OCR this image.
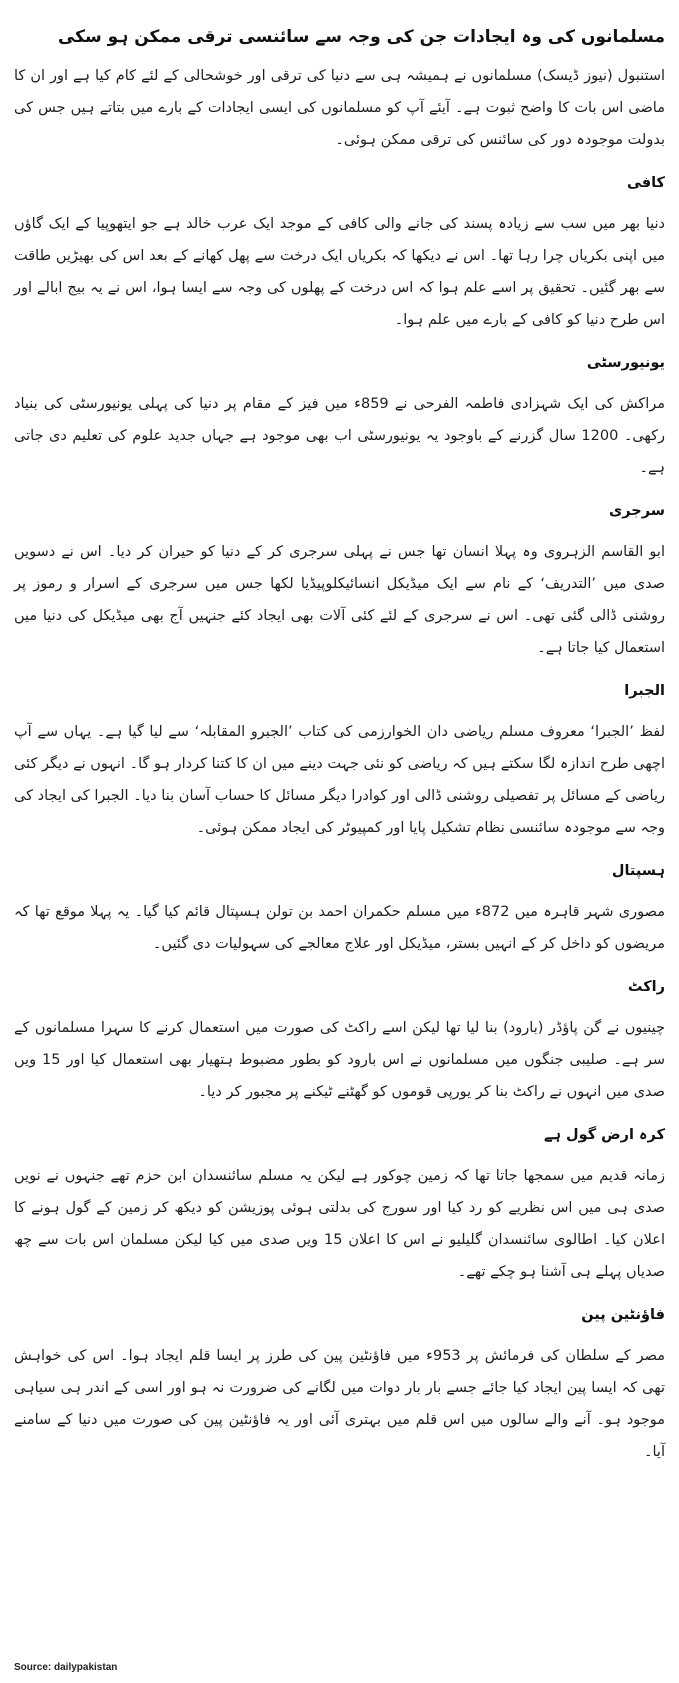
مسلمانوں کی وہ ایجادات جن کی وجہ سے سائنسی ترقی ممکن ہو سکی

استنبول (نیوز ڈیسک) مسلمانوں نے ہمیشہ ہی سے دنیا کی ترقی اور خوشحالی کے لئے کام کیا ہے اور ان کا ماضی اس بات کا واضح ثبوت ہے۔ آیئے آپ کو مسلمانوں کی ایسی ایجادات کے بارے میں بتاتے ہیں جس کی بدولت موجودہ دور کی سائنس کی ترقی ممکن ہوئی۔

کافی

دنیا بھر میں سب سے زیادہ پسند کی جانے والی کافی کے موجد ایک عرب خالد ہے جو ایتھوپیا کے ایک گاؤں میں اپنی بکریاں چرا رہا تھا۔ اس نے دیکھا کہ بکریاں ایک درخت سے پھل کھانے کے بعد اس کی بھیڑیں طاقت سے بھر گئیں۔ تحقیق پر اسے علم ہوا کہ اس درخت کے پھلوں کی وجہ سے ایسا ہوا، اس نے یہ بیج ابالے اور اس طرح دنیا کو کافی کے بارے میں علم ہوا۔

یونیورسٹی

مراکش کی ایک شہزادی فاطمہ الفرحی نے 859ء میں فیز کے مقام پر دنیا کی پہلی یونیورسٹی کی بنیاد رکھی۔ 1200 سال گزرنے کے باوجود یہ یونیورسٹی اب بھی موجود ہے جہاں جدید علوم کی تعلیم دی جاتی ہے۔

سرجری

ابو القاسم الزہروی وہ پہلا انسان تھا جس نے پہلی سرجری کر کے دنیا کو حیران کر دیا۔ اس نے دسویں صدی میں ’التدریف‘ کے نام سے ایک میڈیکل انسائیکلوپیڈیا لکھا جس میں سرجری کے اسرار و رموز پر روشنی ڈالی گئی تھی۔ اس نے سرجری کے لئے کئی آلات بھی ایجاد کئے جنہیں آج بھی میڈیکل کی دنیا میں استعمال کیا جاتا ہے۔

الجبرا

لفظ ’الجبرا‘ معروف مسلم ریاضی دان الخوارزمی کی کتاب ’الجبرو المقابلہ‘ سے لیا گیا ہے۔ یہاں سے آپ اچھی طرح اندازہ لگا سکتے ہیں کہ ریاضی کو نئی جہت دینے میں ان کا کتنا کردار ہو گا۔ انہوں نے دیگر کئی ریاضی کے مسائل پر تفصیلی روشنی ڈالی اور کوادرا دیگر مسائل کا حساب آسان بنا دیا۔ الجبرا کی ایجاد کی وجہ سے موجودہ سائنسی نظام تشکیل پایا اور کمپیوٹر کی ایجاد ممکن ہوئی۔

ہسپتال

مصوری شہر قاہرہ میں 872ء میں مسلم حکمران احمد بن تولن ہسپتال قائم کیا گیا۔ یہ پہلا موقع تھا کہ مریضوں کو داخل کر کے انہیں بستر، میڈیکل اور علاج معالجے کی سہولیات دی گئیں۔

راکٹ

چینیوں نے گن پاؤڈر (بارود) بنا لیا تھا لیکن اسے راکٹ کی صورت میں استعمال کرنے کا سہرا مسلمانوں کے سر ہے۔ صلیبی جنگوں میں مسلمانوں نے اس بارود کو بطور مضبوط ہتھیار بھی استعمال کیا اور 15 ویں صدی میں انہوں نے راکٹ بنا کر یورپی قوموں کو گھٹنے ٹیکنے پر مجبور کر دیا۔

کرہ ارض گول ہے

زمانہ قدیم میں سمجھا جاتا تھا کہ زمین چوکور ہے لیکن یہ مسلم سائنسدان ابن حزم تھے جنہوں نے نویں صدی ہی میں اس نظریے کو رد کیا اور سورج کی بدلتی ہوئی پوزیشن کو دیکھ کر زمین کے گول ہونے کا اعلان کیا۔ اطالوی سائنسدان گلیلیو نے اس کا اعلان 15 ویں صدی میں کیا لیکن مسلمان اس بات سے چھ صدیاں پہلے ہی آشنا ہو چکے تھے۔

فاؤنٹین پین

مصر کے سلطان کی فرمائش پر 953ء میں فاؤنٹین پین کی طرز پر ایسا قلم ایجاد ہوا۔ اس کی خواہش تھی کہ ایسا پین ایجاد کیا جائے جسے بار بار دوات میں لگانے کی ضرورت نہ ہو اور اسی کے اندر ہی سیاہی موجود ہو۔ آنے والے سالوں میں اس قلم میں بہتری آئی اور یہ فاؤنٹین پین کی صورت میں دنیا کے سامنے آیا۔

Source: dailypakistan
